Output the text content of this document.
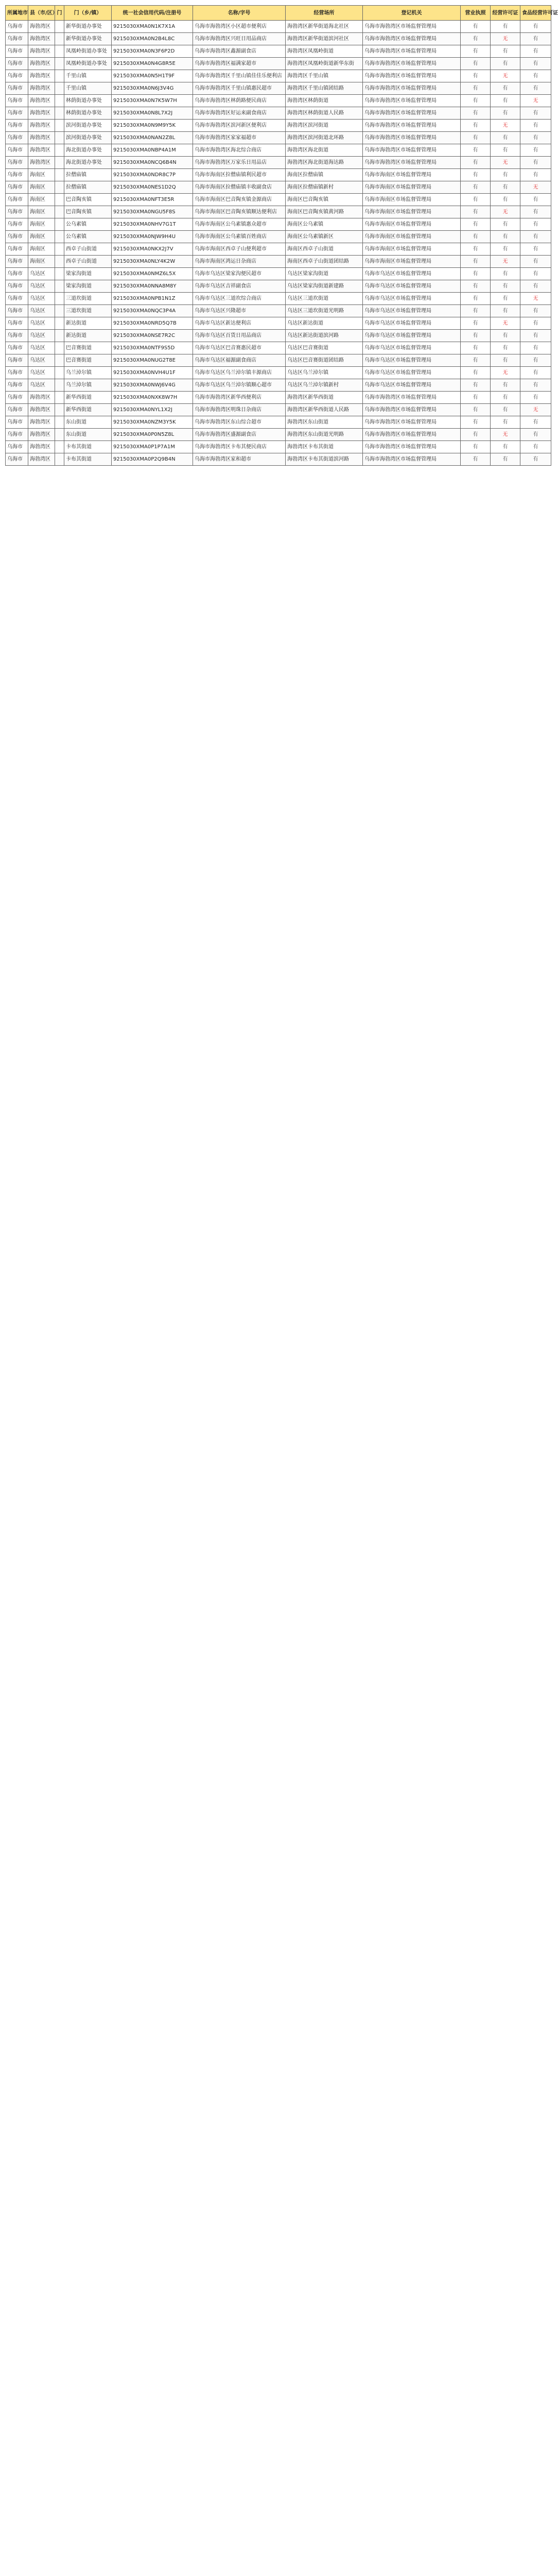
所属地市	县（市/区）	门	门（乡/镇）	统一社会信用代码/注册号	名称/字号	经营场所	登记机关	营业执照	经营许可证	食品经营许可证
乌海市	海勃湾区		新华街道办事处	9215030XMA0N1K7X1A	乌海市海勃湾区小区超市便利店	海勃湾区新华街道海北社区	乌海市海勃湾区市场监督管理局	有	有	有
乌海市	海勃湾区		新华街道办事处	9215030XMA0N2B4L8C	乌海市海勃湾区兴旺日用品商店	海勃湾区新华街道滨河社区	乌海市海勃湾区市场监督管理局	有	无	有
乌海市	海勃湾区		凤凰岭街道办事处	9215030XMA0N3F6P2D	乌海市海勃湾区鑫源副食店	海勃湾区凤凰岭街道	乌海市海勃湾区市场监督管理局	有	有	有
乌海市	海勃湾区		凤凰岭街道办事处	9215030XMA0N4G8R5E	乌海市海勃湾区福满家超市	海勃湾区凤凰岭街道新华东街	乌海市海勃湾区市场监督管理局	有	有	有
乌海市	海勃湾区		千里山镇	9215030XMA0N5H1T9F	乌海市海勃湾区千里山镇佳佳乐便利店	海勃湾区千里山镇	乌海市海勃湾区市场监督管理局	有	无	有
乌海市	海勃湾区		千里山镇	9215030XMA0N6J3V4G	乌海市海勃湾区千里山镇惠民超市	海勃湾区千里山镇团结路	乌海市海勃湾区市场监督管理局	有	有	有
乌海市	海勃湾区		林荫街道办事处	9215030XMA0N7K5W7H	乌海市海勃湾区林荫路便民商店	海勃湾区林荫街道	乌海市海勃湾区市场监督管理局	有	有	无
乌海市	海勃湾区		林荫街道办事处	9215030XMA0N8L7X2J	乌海市海勃湾区好运来副食商店	海勃湾区林荫街道人民路	乌海市海勃湾区市场监督管理局	有	有	有
乌海市	海勃湾区		滨河街道办事处	9215030XMA0N9M9Y5K	乌海市海勃湾区滨河新区便利店	海勃湾区滨河街道	乌海市海勃湾区市场监督管理局	有	无	有
乌海市	海勃湾区		滨河街道办事处	9215030XMA0NAN2Z8L	乌海市海勃湾区家家福超市	海勃湾区滨河街道北环路	乌海市海勃湾区市场监督管理局	有	有	有
乌海市	海勃湾区		海北街道办事处	9215030XMA0NBP4A1M	乌海市海勃湾区海北综合商店	海勃湾区海北街道	乌海市海勃湾区市场监督管理局	有	有	有
乌海市	海勃湾区		海北街道办事处	9215030XMA0NCQ6B4N	乌海市海勃湾区万家乐日用品店	海勃湾区海北街道海达路	乌海市海勃湾区市场监督管理局	有	无	有
乌海市	海南区		拉僧庙镇	9215030XMA0NDR8C7P	乌海市海南区拉僧庙镇利民超市	海南区拉僧庙镇	乌海市海南区市场监督管理局	有	有	有
乌海市	海南区		拉僧庙镇	9215030XMA0NES1D2Q	乌海市海南区拉僧庙镇丰收副食店	海南区拉僧庙镇新村	乌海市海南区市场监督管理局	有	有	无
乌海市	海南区		巴音陶亥镇	9215030XMA0NFT3E5R	乌海市海南区巴音陶亥镇金源商店	海南区巴音陶亥镇	乌海市海南区市场监督管理局	有	有	有
乌海市	海南区		巴音陶亥镇	9215030XMA0NGU5F8S	乌海市海南区巴音陶亥镇顺达便利店	海南区巴音陶亥镇黄河路	乌海市海南区市场监督管理局	有	无	有
乌海市	海南区		公乌素镇	9215030XMA0NHV7G1T	乌海市海南区公乌素镇惠众超市	海南区公乌素镇	乌海市海南区市场监督管理局	有	有	有
乌海市	海南区		公乌素镇	9215030XMA0NJW9H4U	乌海市海南区公乌素镇百姓商店	海南区公乌素镇新区	乌海市海南区市场监督管理局	有	有	有
乌海市	海南区		西卓子山街道	9215030XMA0NKX2J7V	乌海市海南区西卓子山便利超市	海南区西卓子山街道	乌海市海南区市场监督管理局	有	有	有
乌海市	海南区		西卓子山街道	9215030XMA0NLY4K2W	乌海市海南区鸿运日杂商店	海南区西卓子山街道团结路	乌海市海南区市场监督管理局	有	无	有
乌海市	乌达区		梁家沟街道	9215030XMA0NMZ6L5X	乌海市乌达区梁家沟便民超市	乌达区梁家沟街道	乌海市乌达区市场监督管理局	有	有	有
乌海市	乌达区		梁家沟街道	9215030XMA0NNA8M8Y	乌海市乌达区吉祥副食店	乌达区梁家沟街道新建路	乌海市乌达区市场监督管理局	有	有	有
乌海市	乌达区		三道坎街道	9215030XMA0NPB1N1Z	乌海市乌达区三道坎综合商店	乌达区三道坎街道	乌海市乌达区市场监督管理局	有	有	无
乌海市	乌达区		三道坎街道	9215030XMA0NQC3P4A	乌海市乌达区兴隆超市	乌达区三道坎街道光明路	乌海市乌达区市场监督管理局	有	有	有
乌海市	乌达区		新达街道	9215030XMA0NRD5Q7B	乌海市乌达区新达便利店	乌达区新达街道	乌海市乌达区市场监督管理局	有	无	有
乌海市	乌达区		新达街道	9215030XMA0NSE7R2C	乌海市乌达区百货日用品商店	乌达区新达街道滨河路	乌海市乌达区市场监督管理局	有	有	有
乌海市	乌达区		巴音赛街道	9215030XMA0NTF9S5D	乌海市乌达区巴音赛惠民超市	乌达区巴音赛街道	乌海市乌达区市场监督管理局	有	有	有
乌海市	乌达区		巴音赛街道	9215030XMA0NUG2T8E	乌海市乌达区福源副食商店	乌达区巴音赛街道团结路	乌海市乌达区市场监督管理局	有	有	有
乌海市	乌达区		乌兰淖尔镇	9215030XMA0NVH4U1F	乌海市乌达区乌兰淖尔镇丰源商店	乌达区乌兰淖尔镇	乌海市乌达区市场监督管理局	有	无	有
乌海市	乌达区		乌兰淖尔镇	9215030XMA0NWJ6V4G	乌海市乌达区乌兰淖尔镇顺心超市	乌达区乌兰淖尔镇新村	乌海市乌达区市场监督管理局	有	有	有
乌海市	海勃湾区		新华西街道	9215030XMA0NXK8W7H	乌海市海勃湾区新华西便利店	海勃湾区新华西街道	乌海市海勃湾区市场监督管理局	有	有	有
乌海市	海勃湾区		新华西街道	9215030XMA0NYL1X2J	乌海市海勃湾区明珠日杂商店	海勃湾区新华西街道人民路	乌海市海勃湾区市场监督管理局	有	有	无
乌海市	海勃湾区		东山街道	9215030XMA0NZM3Y5K	乌海市海勃湾区东山综合超市	海勃湾区东山街道	乌海市海勃湾区市场监督管理局	有	有	有
乌海市	海勃湾区		东山街道	9215030XMA0P0N5Z8L	乌海市海勃湾区盛源副食店	海勃湾区东山街道光明路	乌海市海勃湾区市场监督管理局	有	无	有
乌海市	海勃湾区		卡布其街道	9215030XMA0P1P7A1M	乌海市海勃湾区卡布其便民商店	海勃湾区卡布其街道	乌海市海勃湾区市场监督管理局	有	有	有
乌海市	海勃湾区		卡布其街道	9215030XMA0P2Q9B4N	乌海市海勃湾区家和超市	海勃湾区卡布其街道滨河路	乌海市海勃湾区市场监督管理局	有	有	有
